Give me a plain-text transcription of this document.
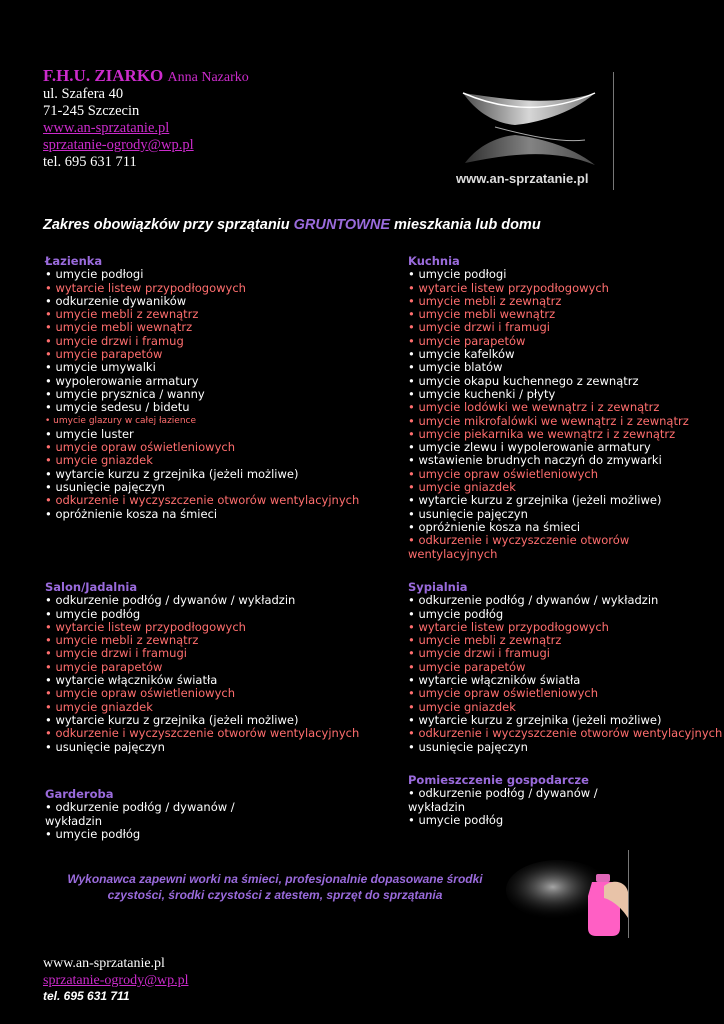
F.H.U. ZIARKO Anna Nazarko
ul. Szafera 40
71-245 Szczecin
www.an-sprzatanie.pl
sprzatanie-ogrody@wp.pl
tel. 695 631 711
www.an-sprzatanie.pl
Zakres obowiązków przy sprzątaniu GRUNTOWNE mieszkania lub domu
Łazienka
• umycie podłogi
• wytarcie listew przypodłogowych
• odkurzenie dywaników
• umycie mebli z zewnątrz
• umycie mebli wewnątrz
• umycie drzwi i framug
• umycie parapetów
• umycie umywalki
• wypolerowanie armatury
• umycie prysznica / wanny
• umycie sedesu / bidetu
• umycie glazury w całej łazience
• umycie luster
• umycie opraw oświetleniowych
• umycie gniazdek
• wytarcie kurzu z grzejnika (jeżeli możliwe)
• usunięcie pajęczyn
• odkurzenie i wyczyszczenie otworów wentylacyjnych
• opróżnienie kosza na śmieci
Kuchnia
• umycie podłogi
• wytarcie listew przypodłogowych
• umycie mebli z zewnątrz
• umycie mebli wewnątrz
• umycie drzwi i framugi
• umycie parapetów
• umycie kafelków
• umycie blatów
• umycie okapu kuchennego z zewnątrz
• umycie kuchenki / płyty
• umycie lodówki we wewnątrz i z zewnątrz
• umycie mikrofalówki we wewnątrz i z zewnątrz
• umycie piekarnika we wewnątrz i z zewnątrz
• umycie zlewu i wypolerowanie armatury
• wstawienie brudnych naczyń do zmywarki
• umycie opraw oświetleniowych
• umycie gniazdek
• wytarcie kurzu z grzejnika (jeżeli możliwe)
• usunięcie pajęczyn
• opróżnienie kosza na śmieci
• odkurzenie i wyczyszczenie otworów wentylacyjnych
Salon/Jadalnia
• odkurzenie podłóg / dywanów / wykładzin
• umycie podłóg
• wytarcie listew przypodłogowych
• umycie mebli z zewnątrz
• umycie drzwi i framugi
• umycie parapetów
• wytarcie włączników światła
• umycie opraw oświetleniowych
• umycie gniazdek
• wytarcie kurzu z grzejnika (jeżeli możliwe)
• odkurzenie i wyczyszczenie otworów wentylacyjnych
• usunięcie pajęczyn
Sypialnia
• odkurzenie podłóg / dywanów / wykładzin
• umycie podłóg
• wytarcie listew przypodłogowych
• umycie mebli z zewnątrz
• umycie drzwi i framugi
• umycie parapetów
• wytarcie włączników światła
• umycie opraw oświetleniowych
• umycie gniazdek
• wytarcie kurzu z grzejnika (jeżeli możliwe)
• odkurzenie i wyczyszczenie otworów wentylacyjnych
• usunięcie pajęczyn
Garderoba
• odkurzenie podłóg / dywanów /
wykładzin
• umycie podłóg
Pomieszczenie gospodarcze
• odkurzenie podłóg / dywanów /
wykładzin
• umycie podłóg
Wykonawca zapewni worki na śmieci, profesjonalnie dopasowane środki czystości, środki czystości z atestem, sprzęt do sprzątania
www.an-sprzatanie.pl
sprzatanie-ogrody@wp.pl
tel. 695 631 711
